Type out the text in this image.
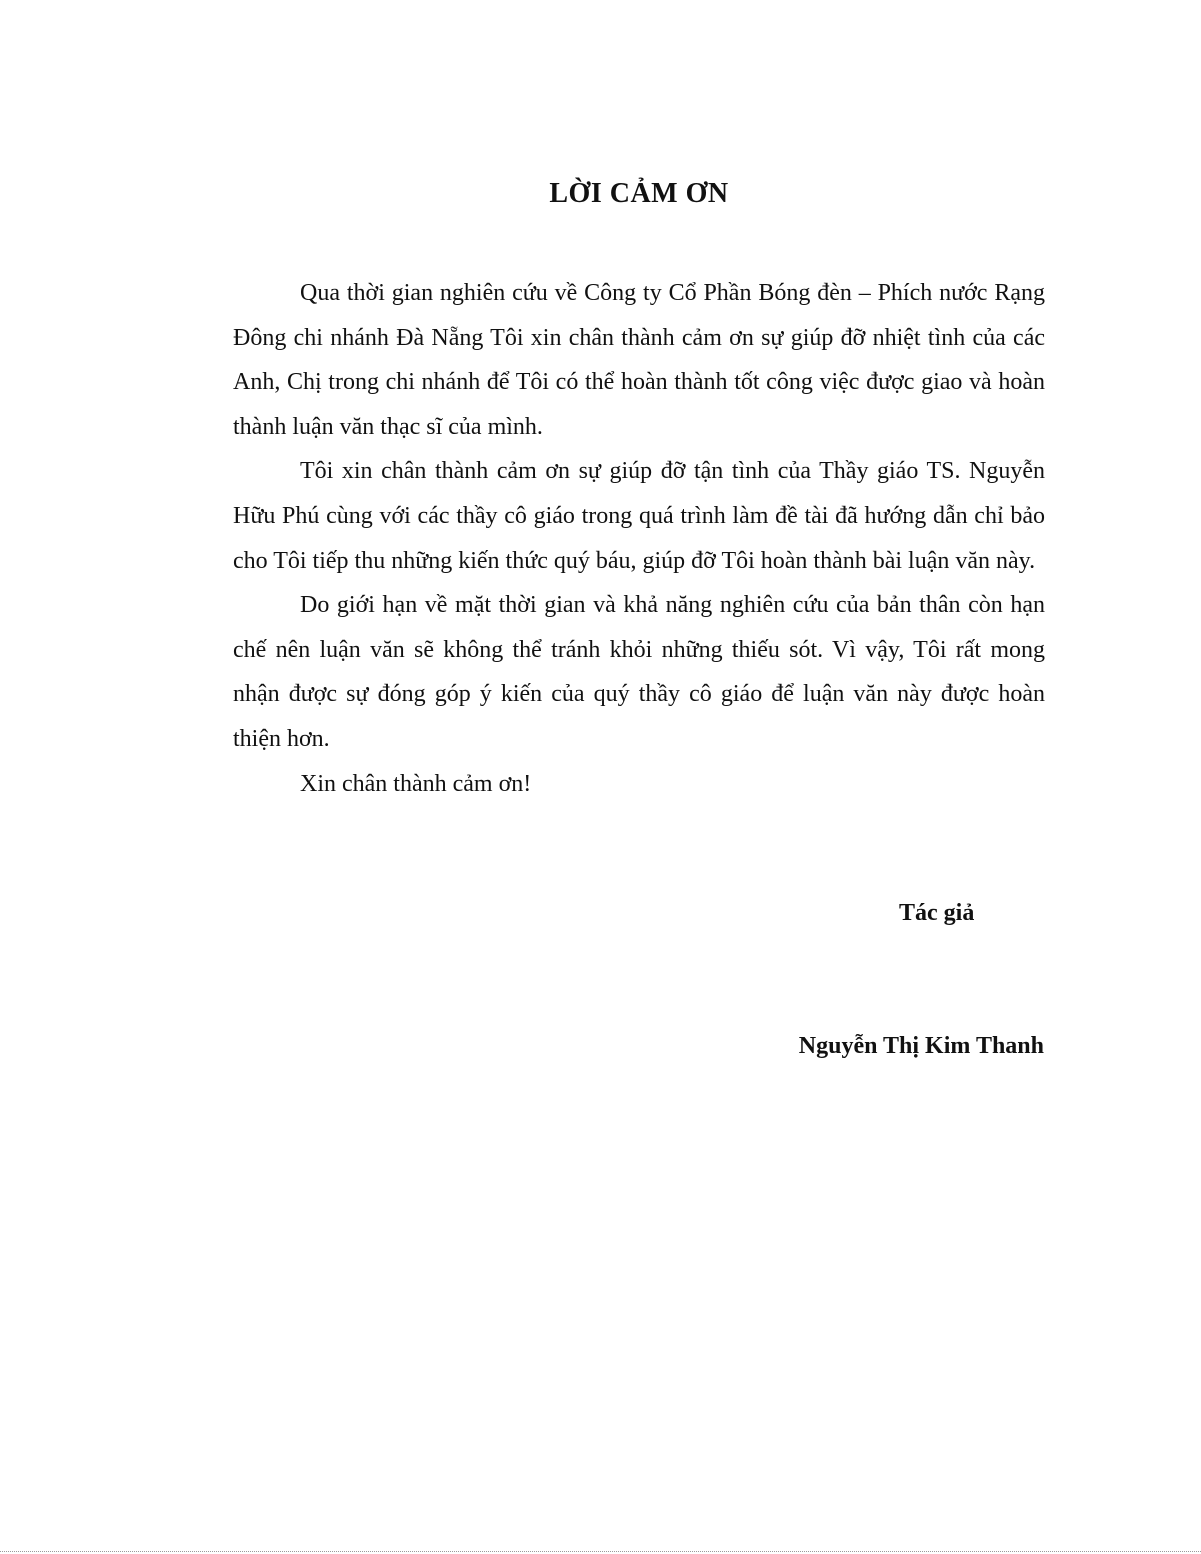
LỜI CẢM ƠN

Qua thời gian nghiên cứu về Công ty Cổ Phần Bóng đèn – Phích nước Rạng Đông chi nhánh Đà Nẵng Tôi xin chân thành cảm ơn sự giúp đỡ nhiệt tình của các Anh, Chị trong chi nhánh để Tôi có thể hoàn thành tốt công việc được giao và hoàn thành luận văn thạc sĩ của mình.

Tôi xin chân thành cảm ơn sự giúp đỡ tận tình của Thầy giáo TS. Nguyễn Hữu Phú cùng với các thầy cô giáo trong quá trình làm đề tài đã hướng dẫn chỉ bảo cho Tôi tiếp thu những kiến thức quý báu, giúp đỡ Tôi hoàn thành bài luận văn này.

Do giới hạn về mặt thời gian và khả năng nghiên cứu của bản thân còn hạn chế nên luận văn sẽ không thể tránh khỏi những thiếu sót. Vì vậy, Tôi rất mong nhận được sự đóng góp ý kiến của quý thầy cô giáo để luận văn này được hoàn thiện hơn.

Xin chân thành cảm ơn!

Tác giả

Nguyễn Thị Kim Thanh
